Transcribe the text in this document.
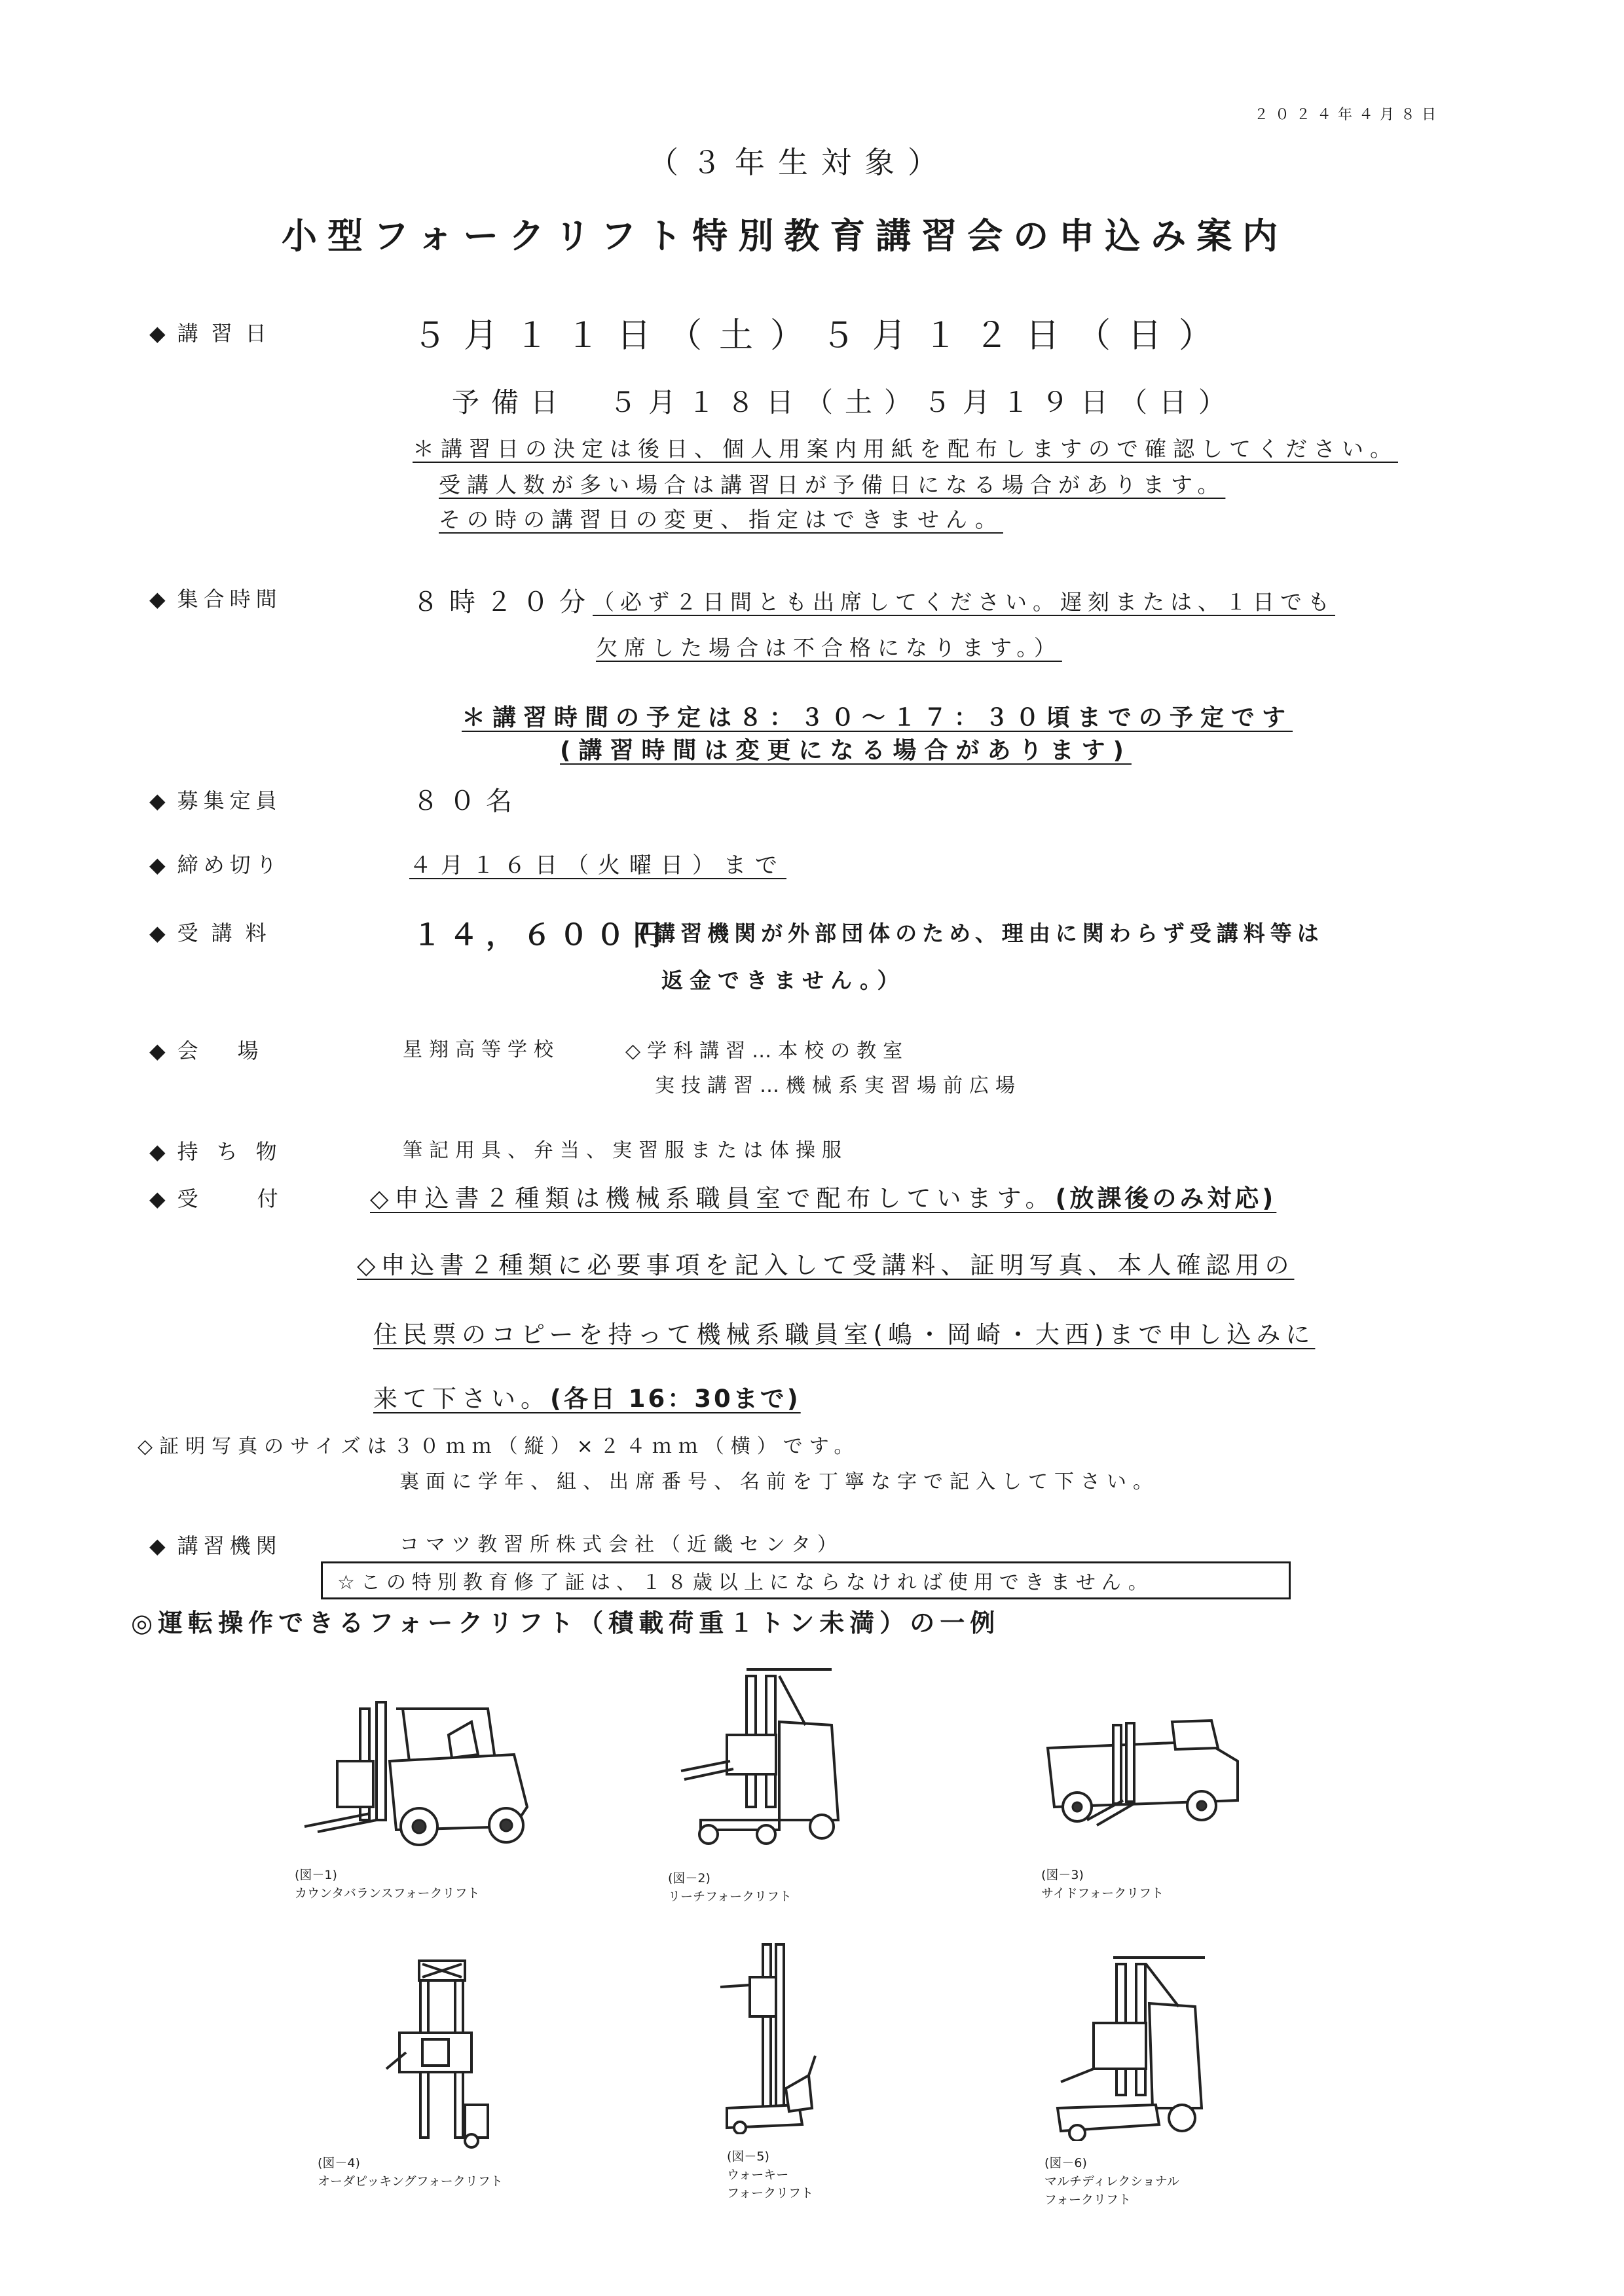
２０２４年４月８日
（３年生対象）
小型フォークリフト特別教育講習会の申込み案内
◆ 講習日	５月１１日（土）５月１２日（日）
予備日　５月１８日（土）５月１９日（日）
＊講習日の決定は後日、個人用案内用紙を配布しますので確認してください。
受講人数が多い場合は講習日が予備日になる場合があります。
その時の講習日の変更、指定はできません。
◆ 集合時間	８時２０分
（必ず２日間とも出席してください。遅刻または、１日でも
欠席した場合は不合格になります。）
＊講習時間の予定は８：３０～１７：３０頃までの予定です
(講習時間は変更になる場合があります)
◆ 募集定員	８０名
◆ 締め切り	４月１６日（火曜日）まで
◆ 受講料	１４，６００円
(講習機関が外部団体のため、理由に関わらず受講料等は
返金できません。）
◆ 会場	星翔高等学校	◇学科講習…本校の教室
実技講習…機械系実習場前広場
◆ 持ち物	筆記用具、弁当、実習服または体操服
◆ 受付 ◇申込書２種類は機械系職員室で配布しています。(放課後のみ対応)
◇申込書２種類に必要事項を記入して受講料、証明写真、本人確認用の
住民票のコピーを持って機械系職員室(嶋・岡崎・大西)まで申し込みに
来て下さい。(各日 16：30まで)
◇証明写真のサイズは３０ｍｍ（縦）×２４ｍｍ（横）です。
裏面に学年、組、出席番号、名前を丁寧な字で記入して下さい。
◆ 講習機関	コマツ教習所株式会社（近畿センタ）
☆この特別教育修了証は、１８歳以上にならなければ使用できません。
◎運転操作できるフォークリフト（積載荷重１トン未満）の一例
(図－1)
カウンタバランスフォークリフト
(図－2)
リーチフォークリフト
(図－3)
サイドフォークリフト
(図－4)
オーダピッキングフォークリフト
(図－5)
ウォーキー
フォークリフト
(図－6)
マルチディレクショナル
フォークリフト
